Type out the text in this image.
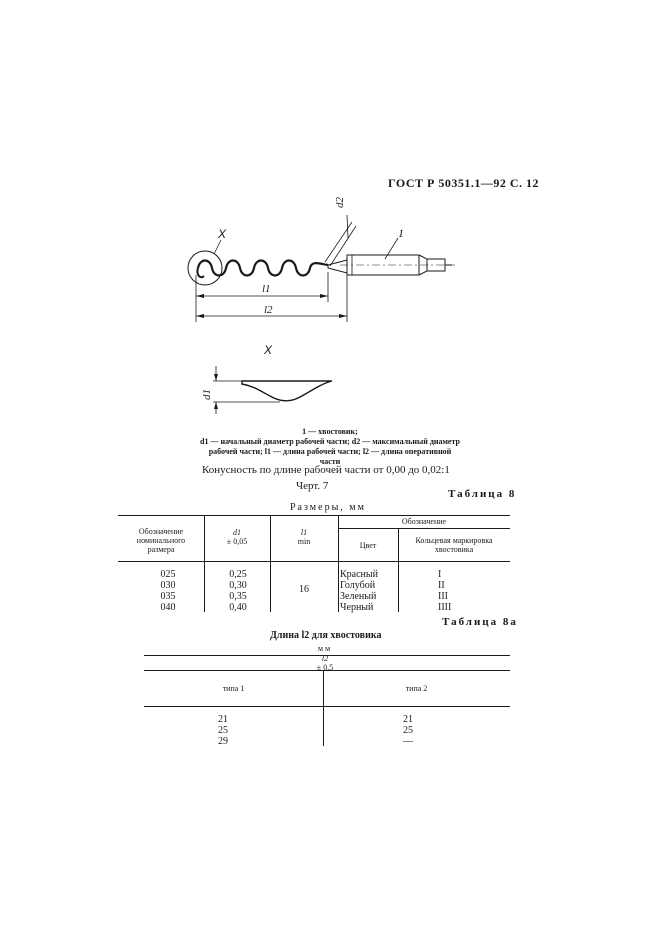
ГОСТ Р 50351.1—92 С. 12
X	1
d2
l1
l2
X
d1
1 — хвостовик;
d1 — начальный диаметр рабочей части; d2 — максимальный диаметр
рабочей части; l1 — длина рабочей части; l2 — длина оперативной
части
Конусность по длине рабочей части от 0,00 до 0,02:1
Черт. 7
Таблица 8
Размеры, мм
Обозначение
номинального
размера
d1
± 0,05
l1
min
Обозначение
Цвет
Кольцевая маркировка
хвостовика
025
030
035
040
0,25
0,30
0,35
0,40
16
Красный
Голубой
Зеленый
Черный
I
II
III
IIII
Таблица 8а
Длина l2 для хвостовика
мм
l2
± 0,5
типа 1	типа 2
21
25
29
21
25
—
